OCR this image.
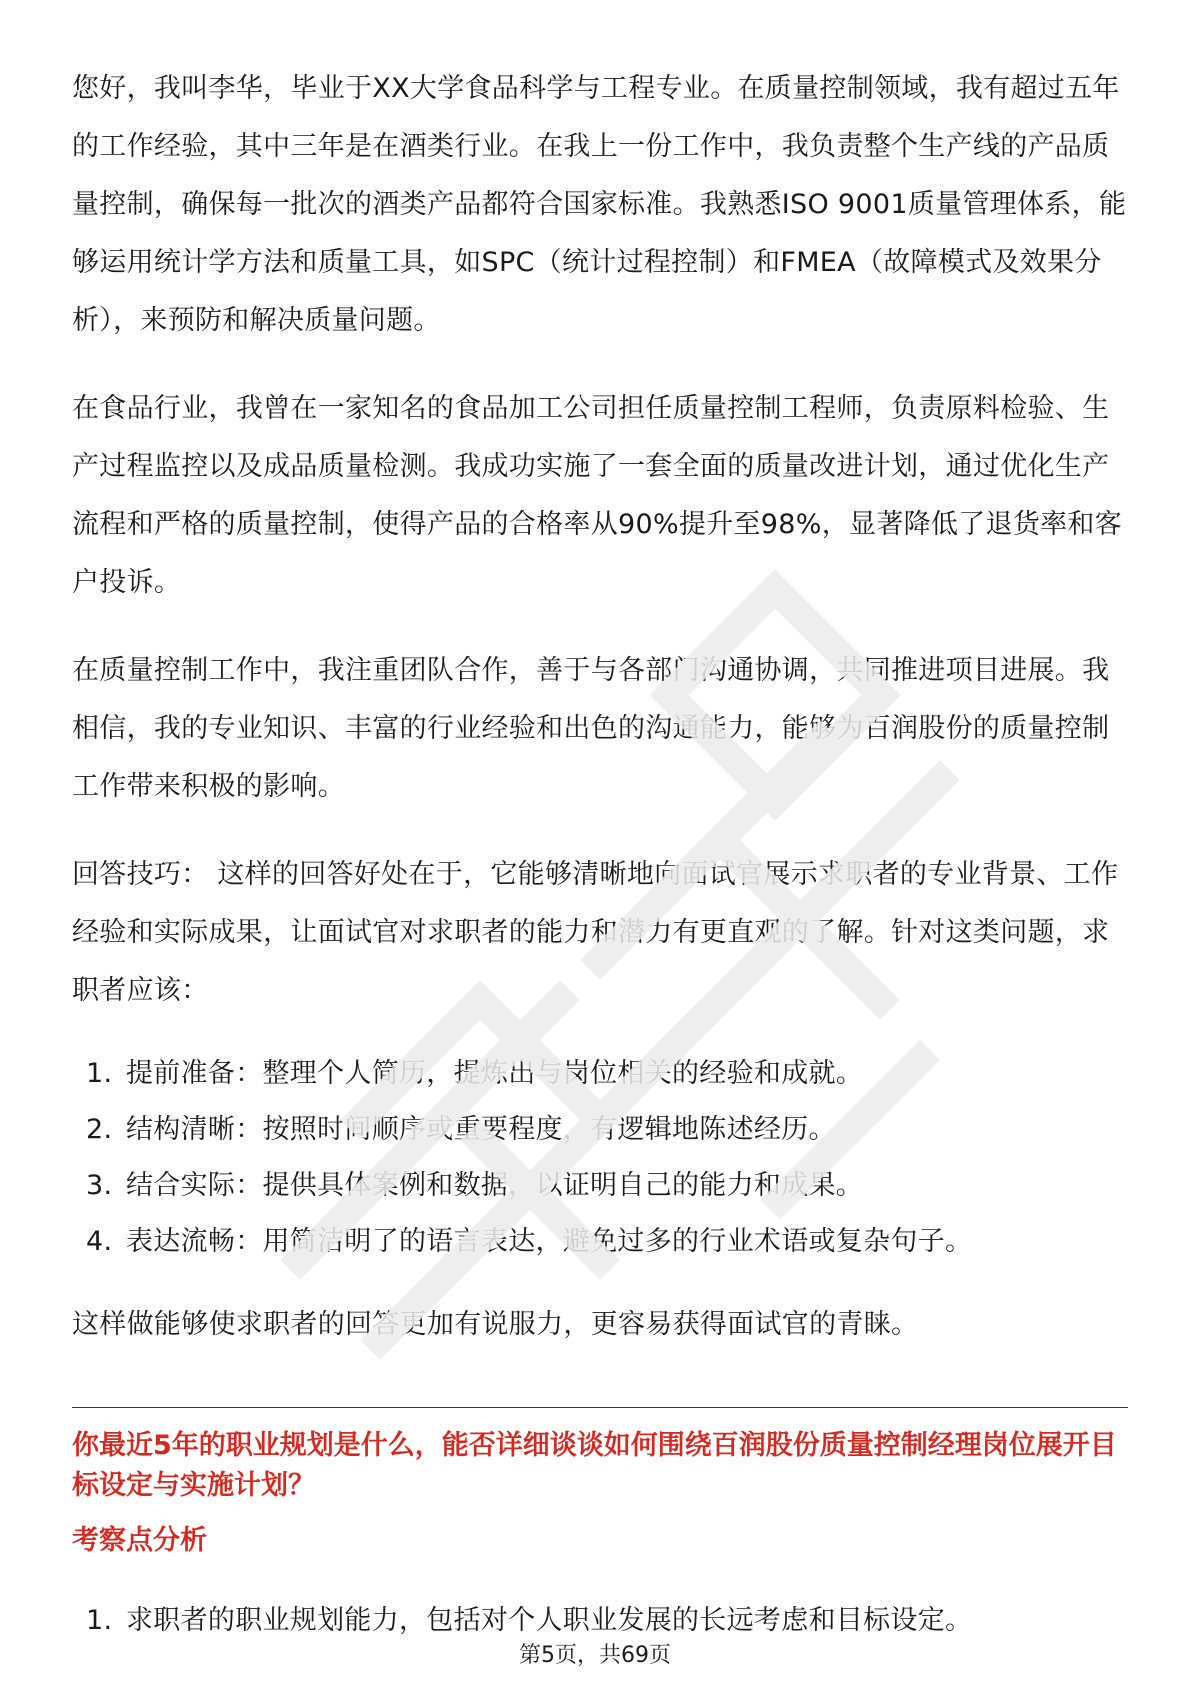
您好，我叫李华，毕业于XX大学食品科学与工程专业。在质量控制领域，我有超过五年的工作经验，其中三年是在酒类行业。在我上一份工作中，我负责整个生产线的产品质量控制，确保每一批次的酒类产品都符合国家标准。我熟悉ISO 9001质量管理体系，能够运用统计学方法和质量工具，如SPC（统计过程控制）和FMEA（故障模式及效果分析），来预防和解决质量问题。

在食品行业，我曾在一家知名的食品加工公司担任质量控制工程师，负责原料检验、生产过程监控以及成品质量检测。我成功实施了一套全面的质量改进计划，通过优化生产流程和严格的质量控制，使得产品的合格率从90%提升至98%，显著降低了退货率和客户投诉。

在质量控制工作中，我注重团队合作，善于与各部门沟通协调，共同推进项目进展。我相信，我的专业知识、丰富的行业经验和出色的沟通能力，能够为百润股份的质量控制工作带来积极的影响。

回答技巧： 这样的回答好处在于，它能够清晰地向面试官展示求职者的专业背景、工作经验和实际成果，让面试官对求职者的能力和潜力有更直观的了解。针对这类问题，求职者应该：

1. 提前准备：整理个人简历，提炼出与岗位相关的经验和成就。
2. 结构清晰：按照时间顺序或重要程度，有逻辑地陈述经历。
3. 结合实际：提供具体案例和数据，以证明自己的能力和成果。
4. 表达流畅：用简洁明了的语言表达，避免过多的行业术语或复杂句子。

这样做能够使求职者的回答更加有说服力，更容易获得面试官的青睐。

你最近5年的职业规划是什么，能否详细谈谈如何围绕百润股份质量控制经理岗位展开目标设定与实施计划？

考察点分析

1. 求职者的职业规划能力，包括对个人职业发展的长远考虑和目标设定。
第5页，共69页
